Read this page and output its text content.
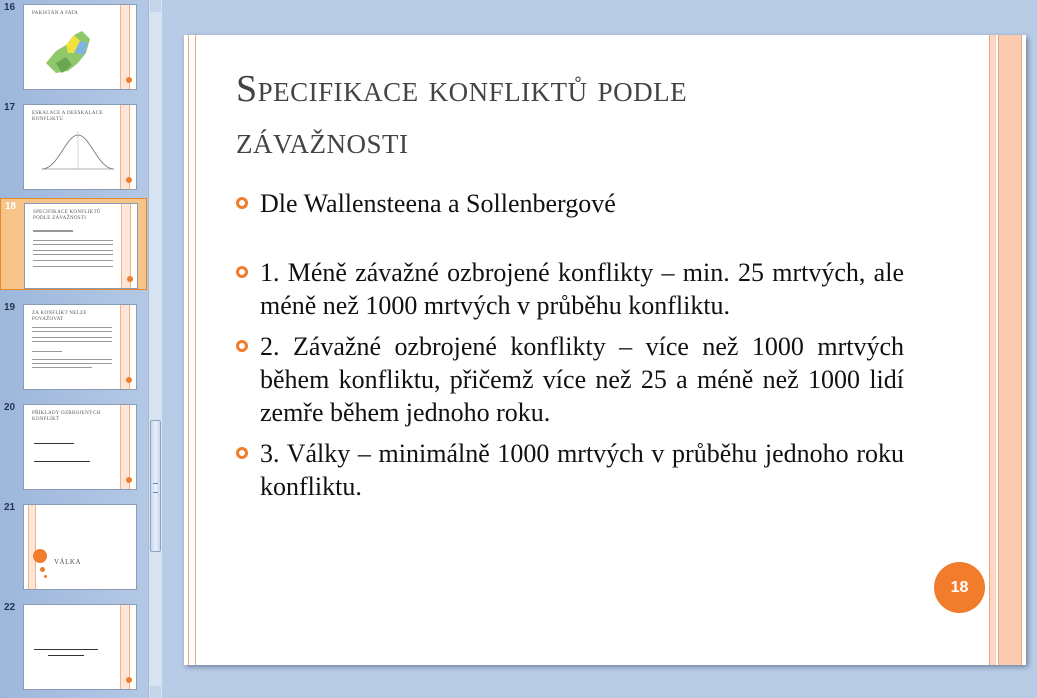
16
PAKISTÁN A FATA
17
ESKALACE A DEESKALACE KONFLIKTU
18
SPECIFIKACE KONFLIKTŮ PODLE ZÁVAŽNOSTI
19
ZA KONFLIKT NELZE POVAŽOVAT
20
PŘÍKLADY OZBROJENÝCH KONFLIKT
21
VÁLKA
22
Specifikace konfliktů podle
závažnosti
Dle Wallensteena a Sollenbergové
1. Méně závažné ozbrojené konflikty – min. 25 mrtvých, ale méně než 1000 mrtvých v průběhu konfliktu.
2. Závažné ozbrojené konflikty – více než 1000 mrtvých během konfliktu, přičemž více než 25 a méně než 1000 lidí zemře během jednoho roku.
3. Války – minimálně 1000 mrtvých v průběhu jednoho roku konfliktu.
18
